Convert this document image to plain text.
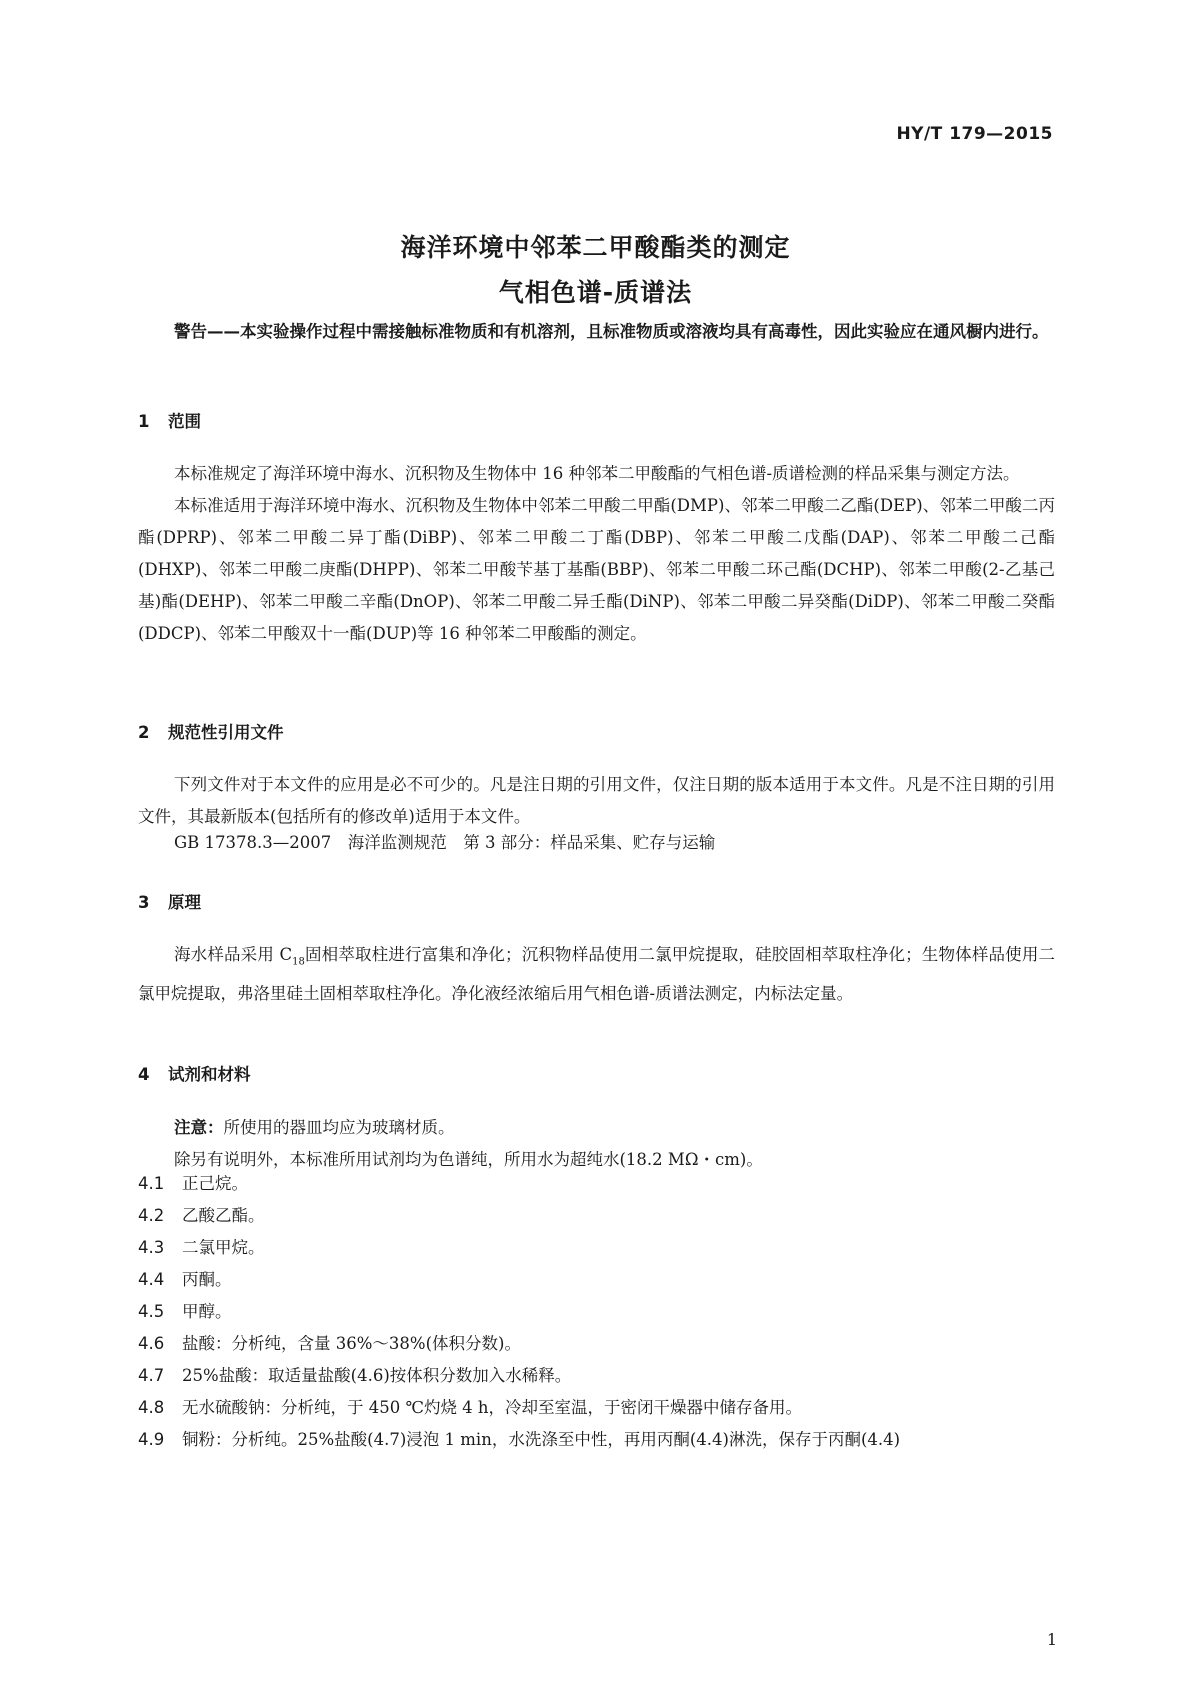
HY/T 179—2015
海洋环境中邻苯二甲酸酯类的测定
气相色谱-质谱法
警告——本实验操作过程中需接触标准物质和有机溶剂，且标准物质或溶液均具有高毒性，因此实验应在通风橱内进行。
1 范围

本标准规定了海洋环境中海水、沉积物及生物体中 16 种邻苯二甲酸酯的气相色谱-质谱检测的样品采集与测定方法。

本标准适用于海洋环境中海水、沉积物及生物体中邻苯二甲酸二甲酯(DMP)、邻苯二甲酸二乙酯(DEP)、邻苯二甲酸二丙酯(DPRP)、邻苯二甲酸二异丁酯(DiBP)、邻苯二甲酸二丁酯(DBP)、邻苯二甲酸二戊酯(DAP)、邻苯二甲酸二己酯(DHXP)、邻苯二甲酸二庚酯(DHPP)、邻苯二甲酸苄基丁基酯(BBP)、邻苯二甲酸二环己酯(DCHP)、邻苯二甲酸(2-乙基己基)酯(DEHP)、邻苯二甲酸二辛酯(DnOP)、邻苯二甲酸二异壬酯(DiNP)、邻苯二甲酸二异癸酯(DiDP)、邻苯二甲酸二癸酯(DDCP)、邻苯二甲酸双十一酯(DUP)等 16 种邻苯二甲酸酯的测定。

2 规范性引用文件

下列文件对于本文件的应用是必不可少的。凡是注日期的引用文件，仅注日期的版本适用于本文件。凡是不注日期的引用文件，其最新版本(包括所有的修改单)适用于本文件。

GB 17378.3—2007　海洋监测规范　第 3 部分：样品采集、贮存与运输
3 原理

海水样品采用 $C_{18}$固相萃取柱进行富集和净化；沉积物样品使用二氯甲烷提取，硅胶固相萃取柱净化；生物体样品使用二氯甲烷提取，弗洛里硅土固相萃取柱净化。净化液经浓缩后用气相色谱-质谱法测定，内标法定量。

4 试剂和材料

注意：所使用的器皿均应为玻璃材质。

除另有说明外，本标准所用试剂均为色谱纯，所用水为超纯水(18.2 MΩ・cm)。

4.1 正己烷。
4.2 乙酸乙酯。
4.3 二氯甲烷。
4.4 丙酮。
4.5 甲醇。
4.6 盐酸：分析纯，含量 36%～38%(体积分数)。
4.7 25%盐酸：取适量盐酸(4.6)按体积分数加入水稀释。
4.8 无水硫酸钠：分析纯，于 450 ℃灼烧 4 h，冷却至室温，于密闭干燥器中储存备用。
4.9 铜粉：分析纯。25%盐酸(4.7)浸泡 1 min，水洗涤至中性，再用丙酮(4.4)淋洗，保存于丙酮(4.4)
1
